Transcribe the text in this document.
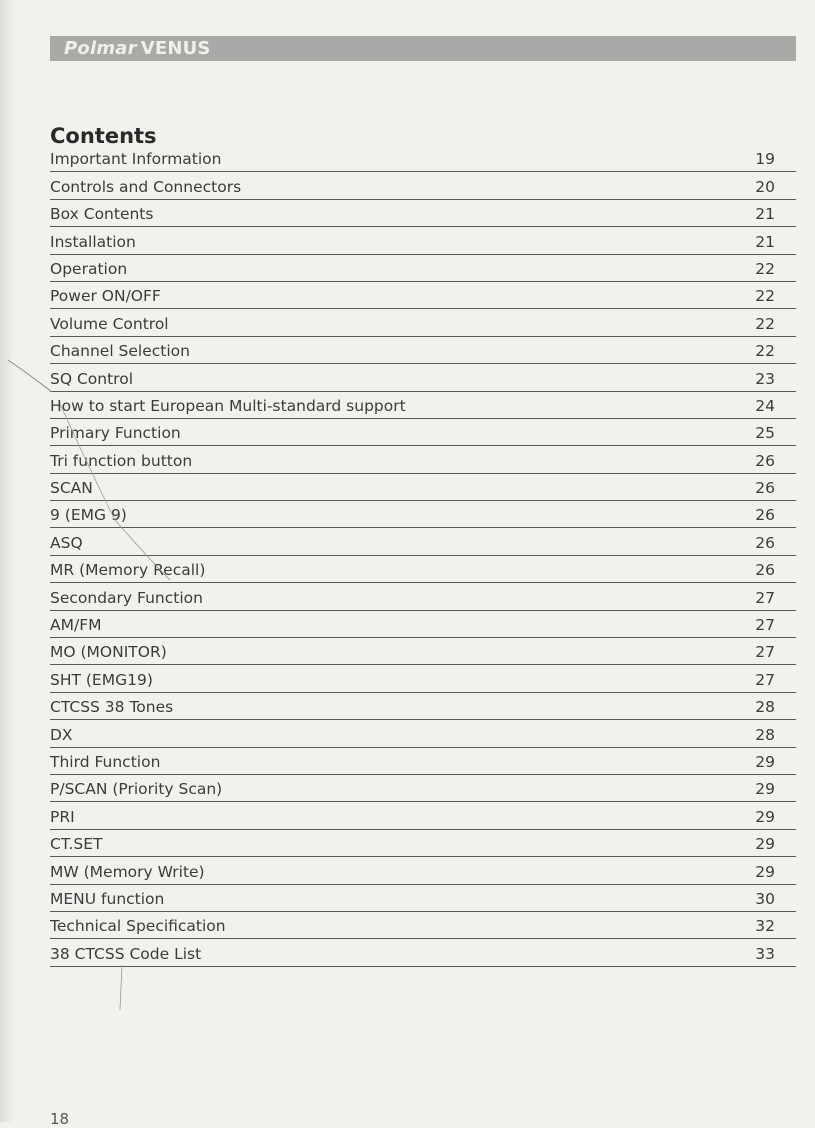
Polmar VENUS
Contents
Important Information	19
Controls and Connectors	20
Box Contents	21
Installation	21
Operation	22
Power ON/OFF	22
Volume Control	22
Channel Selection	22
SQ Control	23
How to start European Multi-standard support	24
Primary Function	25
Tri function button	26
SCAN	26
9 (EMG 9)	26
ASQ	26
MR (Memory Recall)	26
Secondary Function	27
AM/FM	27
MO (MONITOR)	27
SHT (EMG19)	27
CTCSS 38 Tones	28
DX	28
Third Function	29
P/SCAN (Priority Scan)	29
PRI	29
CT.SET	29
MW (Memory Write)	29
MENU function	30
Technical Specification	32
38 CTCSS Code List	33
18
